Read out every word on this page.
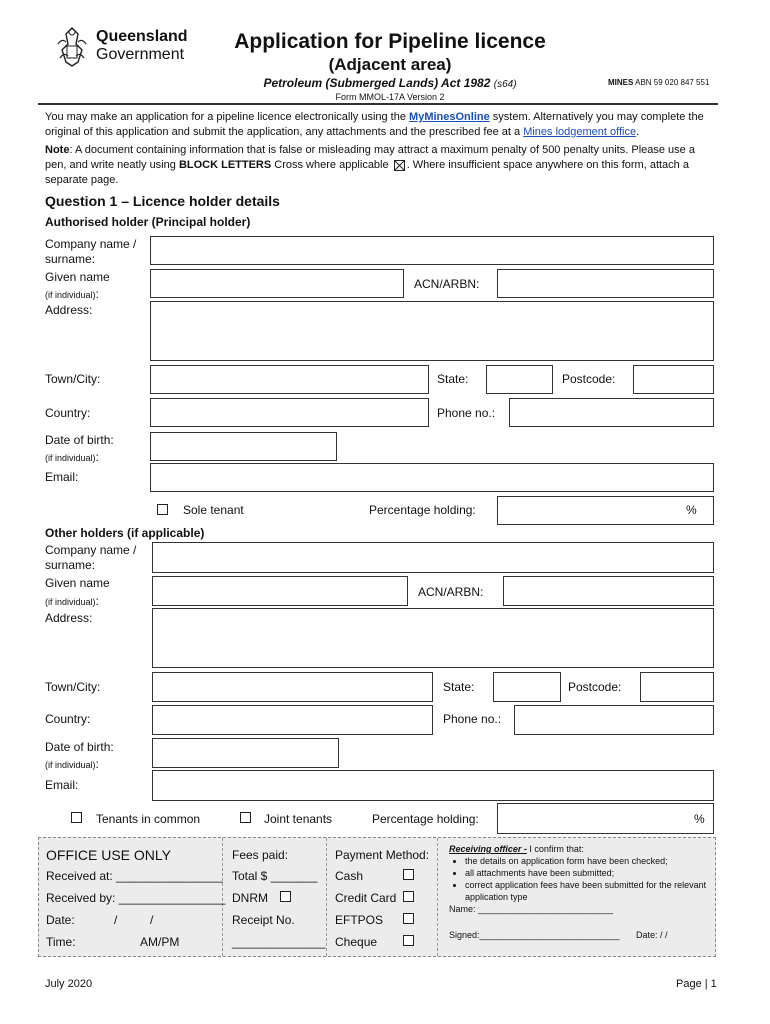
Queensland
Government
Application for Pipeline licence
(Adjacent area)
Petroleum (Submerged Lands) Act 1982 (s64)	MINES ABN 59 020 847 551
Form MMOL-17A Version 2
You may make an application for a pipeline licence electronically using the MyMinesOnline system. Alternatively you may complete the original of this application and submit the application, any attachments and the prescribed fee at a Mines lodgement office.
Note: A document containing information that is false or misleading may attract a maximum penalty of 500 penalty units. Please use a pen, and write neatly using BLOCK LETTERS Cross where applicable ☒ . Where insufficient space anywhere on this form, attach a separate page.
Question 1 – Licence holder details
Authorised holder (Principal holder)
Company name /
surname:
Given name
(if individual):
ACN/ARBN:
Address:
Town/City:	State:	Postcode:
Country:	Phone no.:
Date of birth:
(if individual):
Email:
Sole tenant	Percentage holding:	%
Other holders (if applicable)
Company name /
surname:
Given name
(if individual):
ACN/ARBN:
Address:
Town/City:	State:	Postcode:
Country:	Phone no.:
Date of birth:
(if individual):
Email:
Tenants in common	Joint tenants	Percentage holding:	%
OFFICE USE ONLY
Received at: ________________
Received by: ________________
Date:	/	/
Time:	AM/PM
Fees paid:
Total $ _______
DNRM
Receipt No.
______________
Payment Method:
Cash
Credit Card
EFTPOS
Cheque
Receiving officer - I confirm that:
• the details on application form have been checked;
• all attachments have been submitted;
• correct application fees have been submitted for the relevant application type
Name: ___________________________
Signed:____________________________ Date: / /
July 2020	Page | 1
